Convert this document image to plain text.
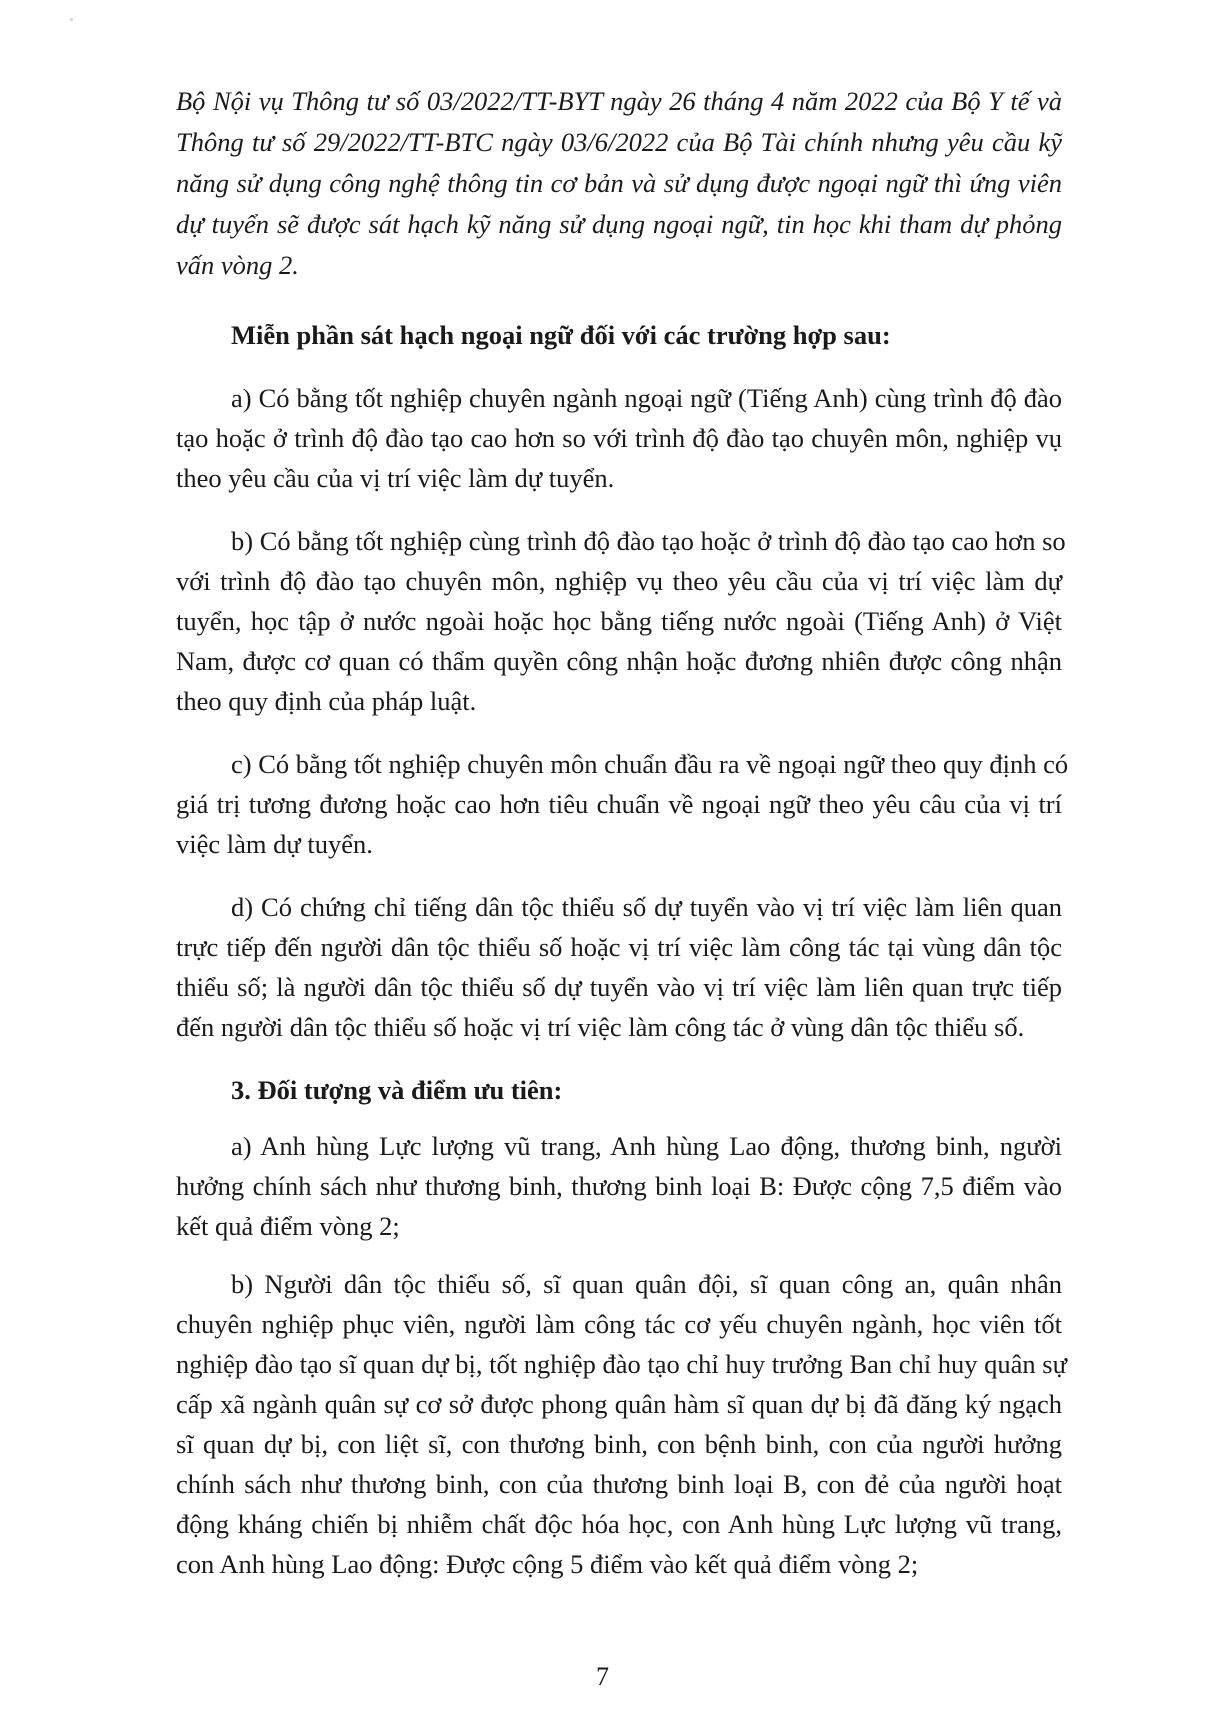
Bộ Nội vụ Thông tư số 03/2022/TT-BYT ngày 26 tháng 4 năm 2022 của Bộ Y tế và
Thông tư số 29/2022/TT-BTC ngày 03/6/2022 của Bộ Tài chính nhưng yêu cầu kỹ
năng sử dụng công nghệ thông tin cơ bản và sử dụng được ngoại ngữ thì ứng viên
dự tuyển sẽ được sát hạch kỹ năng sử dụng ngoại ngữ, tin học khi tham dự phỏng
vấn vòng 2.
Miễn phần sát hạch ngoại ngữ đối với các trường hợp sau:
a) Có bằng tốt nghiệp chuyên ngành ngoại ngữ (Tiếng Anh) cùng trình độ đào
tạo hoặc ở trình độ đào tạo cao hơn so với trình độ đào tạo chuyên môn, nghiệp vụ
theo yêu cầu của vị trí việc làm dự tuyển.
b) Có bằng tốt nghiệp cùng trình độ đào tạo hoặc ở trình độ đào tạo cao hơn so
với trình độ đào tạo chuyên môn, nghiệp vụ theo yêu cầu của vị trí việc làm dự
tuyển, học tập ở nước ngoài hoặc học bằng tiếng nước ngoài (Tiếng Anh) ở Việt
Nam, được cơ quan có thẩm quyền công nhận hoặc đương nhiên được công nhận
theo quy định của pháp luật.
c) Có bằng tốt nghiệp chuyên môn chuẩn đầu ra về ngoại ngữ theo quy định có
giá trị tương đương hoặc cao hơn tiêu chuẩn về ngoại ngữ theo yêu câu của vị trí
việc làm dự tuyển.
d) Có chứng chỉ tiếng dân tộc thiểu số dự tuyển vào vị trí việc làm liên quan
trực tiếp đến người dân tộc thiểu số hoặc vị trí việc làm công tác tại vùng dân tộc
thiểu số; là người dân tộc thiểu số dự tuyển vào vị trí việc làm liên quan trực tiếp
đến người dân tộc thiểu số hoặc vị trí việc làm công tác ở vùng dân tộc thiểu số.
3. Đối tượng và điểm ưu tiên:
a) Anh hùng Lực lượng vũ trang, Anh hùng Lao động, thương binh, người
hưởng chính sách như thương binh, thương binh loại B: Được cộng 7,5 điểm vào
kết quả điểm vòng 2;
b) Người dân tộc thiểu số, sĩ quan quân đội, sĩ quan công an, quân nhân
chuyên nghiệp phục viên, người làm công tác cơ yếu chuyên ngành, học viên tốt
nghiệp đào tạo sĩ quan dự bị, tốt nghiệp đào tạo chỉ huy trưởng Ban chỉ huy quân sự
cấp xã ngành quân sự cơ sở được phong quân hàm sĩ quan dự bị đã đăng ký ngạch
sĩ quan dự bị, con liệt sĩ, con thương binh, con bệnh binh, con của người hưởng
chính sách như thương binh, con của thương binh loại B, con đẻ của người hoạt
động kháng chiến bị nhiễm chất độc hóa học, con Anh hùng Lực lượng vũ trang,
con Anh hùng Lao động: Được cộng 5 điểm vào kết quả điểm vòng 2;
7
